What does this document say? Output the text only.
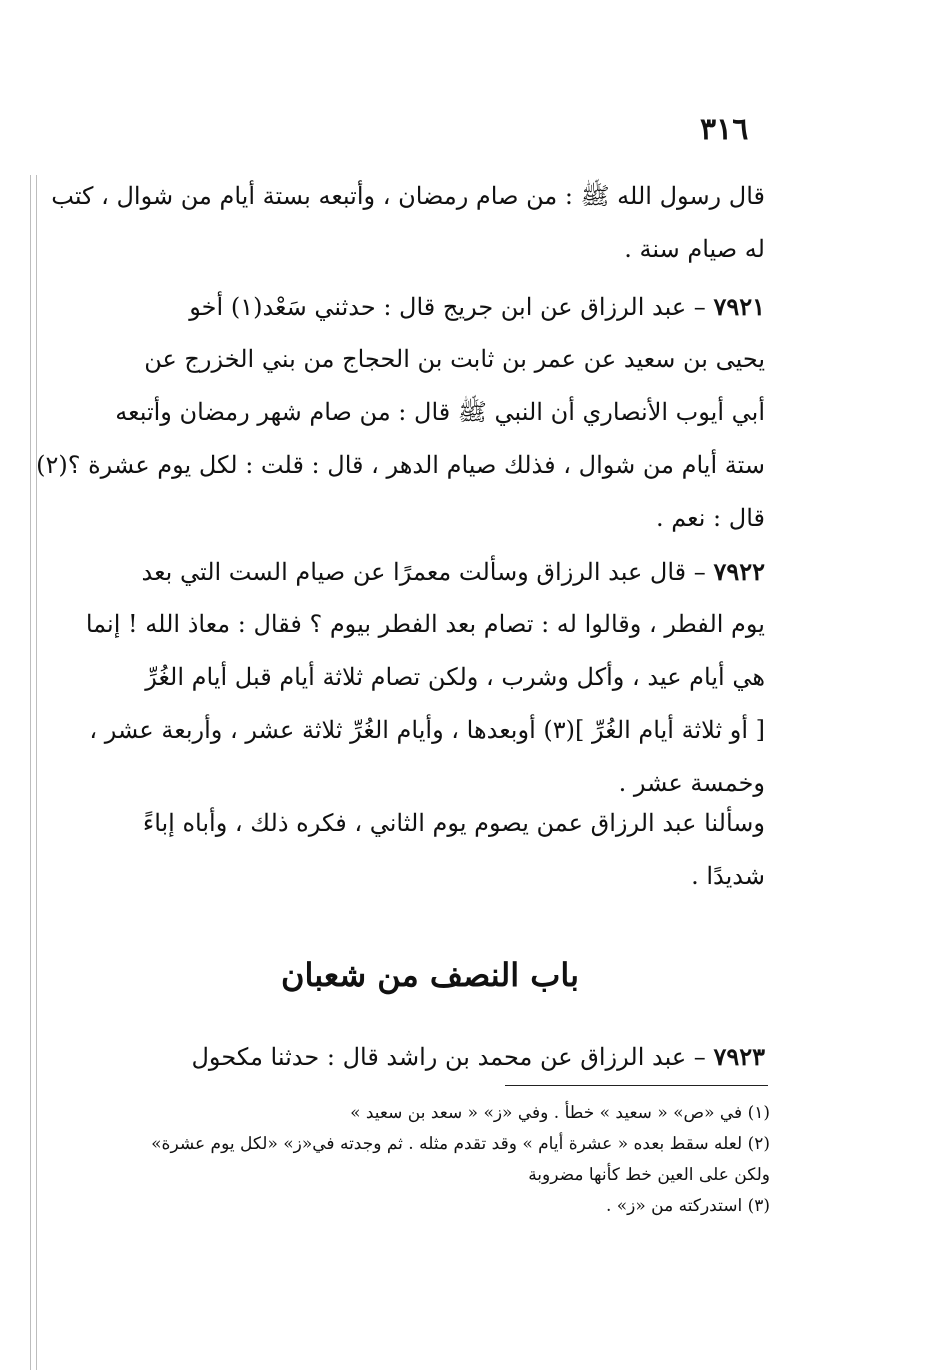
٣١٦
قال رسول الله ﷺ : من صام رمضان ، وأتبعه بستة أيام من شوال ، كتب
له صيام سنة .
٧٩٢١ – عبد الرزاق عن ابن جريج قال : حدثني سَعْد(١) أخو
يحيى بن سعيد عن عمر بن ثابت بن الحجاج من بني الخزرج عن
أبي أيوب الأنصاري أن النبي ﷺ قال : من صام شهر رمضان وأتبعه
ستة أيام من شوال ، فذلك صيام الدهر ، قال : قلت : لكل يوم عشرة ؟(٢)
قال : نعم .
٧٩٢٢ – قال عبد الرزاق وسألت معمرًا عن صيام الست التي بعد
يوم الفطر ، وقالوا له : تصام بعد الفطر بيوم ؟ فقال : معاذ الله ! إنما
هي أيام عيد ، وأكل وشرب ، ولكن تصام ثلاثة أيام قبل أيام الغُرِّ
[ أو ثلاثة أيام الغُرِّ ](٣) أوبعدها ، وأيام الغُرِّ ثلاثة عشر ، وأربعة عشر ،
وخمسة عشر .
وسألنا عبد الرزاق عمن يصوم يوم الثاني ، فكره ذلك ، وأباه إباءً
شديدًا .
باب النصف من شعبان
٧٩٢٣ – عبد الرزاق عن محمد بن راشد قال : حدثنا مكحول
(١) في «ص» « سعيد » خطأ . وفي «ز» « سعد بن سعيد »
(٢) لعله سقط بعده « عشرة أيام » وقد تقدم مثله . ثم وجدته في«ز» «لكل يوم عشرة»
ولكن على العين خط كأنها مضروبة
(٣) استدركته من «ز» .
